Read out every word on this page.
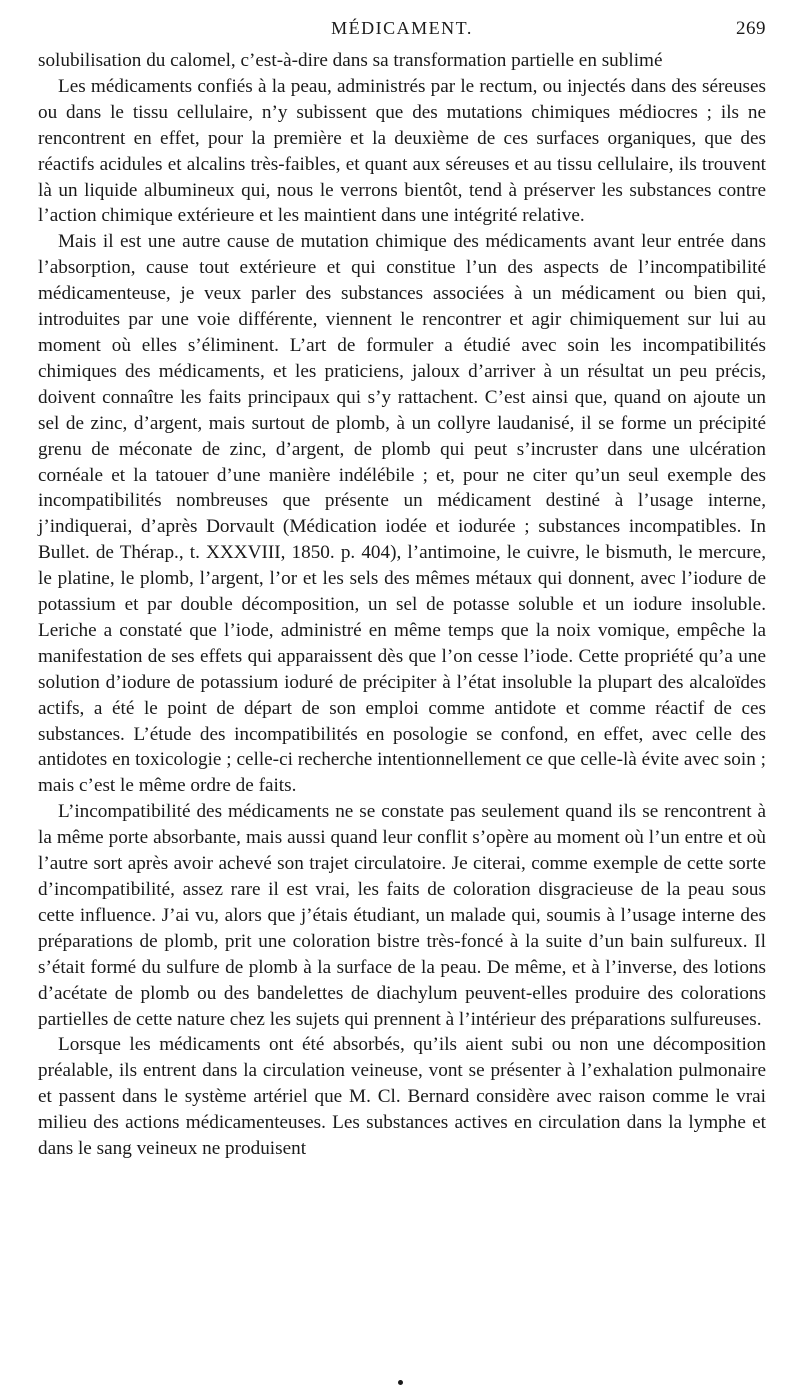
MÉDICAMENT.	269

solubilisation du calomel, c’est-à-dire dans sa transformation partielle en sublimé

Les médicaments confiés à la peau, administrés par le rectum, ou injectés dans des séreuses ou dans le tissu cellulaire, n’y subissent que des mutations chimiques médiocres ; ils ne rencontrent en effet, pour la première et la deuxième de ces surfaces organiques, que des réactifs acidules et alcalins très-faibles, et quant aux séreuses et au tissu cellulaire, ils trouvent là un liquide albumineux qui, nous le verrons bientôt, tend à préserver les substances contre l’action chimique extérieure et les maintient dans une intégrité relative.

Mais il est une autre cause de mutation chimique des médicaments avant leur entrée dans l’absorption, cause tout extérieure et qui constitue l’un des aspects de l’incompatibilité médicamenteuse, je veux parler des substances associées à un médicament ou bien qui, introduites par une voie différente, viennent le rencontrer et agir chimiquement sur lui au moment où elles s’éliminent. L’art de formuler a étudié avec soin les incompatibilités chimiques des médicaments, et les praticiens, jaloux d’arriver à un résultat un peu précis, doivent connaître les faits principaux qui s’y rattachent. C’est ainsi que, quand on ajoute un sel de zinc, d’argent, mais surtout de plomb, à un collyre laudanisé, il se forme un précipité grenu de méconate de zinc, d’argent, de plomb qui peut s’incruster dans une ulcération cornéale et la tatouer d’une manière indélébile ; et, pour ne citer qu’un seul exemple des incompatibilités nombreuses que présente un médicament destiné à l’usage interne, j’indiquerai, d’après Dorvault (Médication iodée et iodurée ; substances incompatibles. In Bullet. de Thérap., t. XXXVIII, 1850. p. 404), l’antimoine, le cuivre, le bismuth, le mercure, le platine, le plomb, l’argent, l’or et les sels des mêmes métaux qui donnent, avec l’iodure de potassium et par double décomposition, un sel de potasse soluble et un iodure insoluble. Leriche a constaté que l’iode, administré en même temps que la noix vomique, empêche la manifestation de ses effets qui apparaissent dès que l’on cesse l’iode. Cette propriété qu’a une solution d’iodure de potassium ioduré de précipiter à l’état insoluble la plupart des alcaloïdes actifs, a été le point de départ de son emploi comme antidote et comme réactif de ces substances. L’étude des incompatibilités en posologie se confond, en effet, avec celle des antidotes en toxicologie ; celle-ci recherche intentionnellement ce que celle-là évite avec soin ; mais c’est le même ordre de faits.

L’incompatibilité des médicaments ne se constate pas seulement quand ils se rencontrent à la même porte absorbante, mais aussi quand leur conflit s’opère au moment où l’un entre et où l’autre sort après avoir achevé son trajet circulatoire. Je citerai, comme exemple de cette sorte d’incompatibilité, assez rare il est vrai, les faits de coloration disgracieuse de la peau sous cette influence. J’ai vu, alors que j’étais étudiant, un malade qui, soumis à l’usage interne des préparations de plomb, prit une coloration bistre très-foncé à la suite d’un bain sulfureux. Il s’était formé du sulfure de plomb à la surface de la peau. De même, et à l’inverse, des lotions d’acétate de plomb ou des bandelettes de diachylum peuvent-elles produire des colorations partielles de cette nature chez les sujets qui prennent à l’intérieur des préparations sulfureuses.

Lorsque les médicaments ont été absorbés, qu’ils aient subi ou non une décomposition préalable, ils entrent dans la circulation veineuse, vont se présenter à l’exhalation pulmonaire et passent dans le système artériel que M. Cl. Bernard considère avec raison comme le vrai milieu des actions médicamenteuses. Les substances actives en circulation dans la lymphe et dans le sang veineux ne produisent
